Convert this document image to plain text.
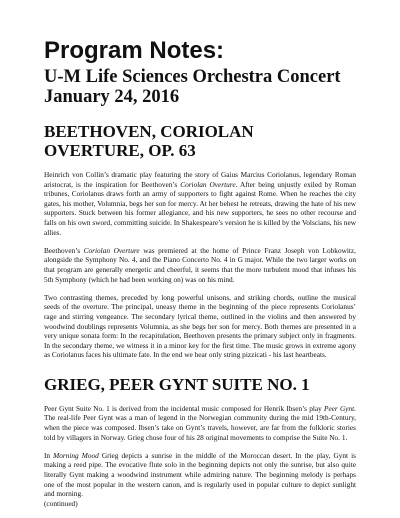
Program Notes:
U-M Life Sciences Orchestra Concert
January 24, 2016
BEETHOVEN, CORIOLAN OVERTURE, OP. 63

Heinrich von Collin’s dramatic play featuring the story of Gaius Marcius Coriolanus, legendary Roman aristocrat, is the inspiration for Beethoven’s Coriolan Overture. After being unjustly exiled by Roman tribunes, Coriolanus draws forth an army of supporters to fight against Rome. When he reaches the city gates, his mother, Volumnia, begs her son for mercy. At her behest he retreats, drawing the hate of his new supporters. Stuck between his former allegiance, and his new supporters, he sees no other recourse and falls on his own sword, committing suicide. In Shakespeare’s version he is killed by the Volscians, his new allies.

Beethoven’s Coriolan Overture was premiered at the home of Prince Franz Joseph von Lobkowitz, alongside the Symphony No. 4, and the Piano Concerto No. 4 in G major. While the two larger works on that program are generally energetic and cheerful, it seems that the more turbulent mood that infuses his 5th Symphony (which he had been working on) was on his mind.

Two contrasting themes, preceded by long powerful unisons, and striking chords, outline the musical seeds of the overture. The principal, uneasy theme in the beginning of the piece represents Coriolanus’ rage and stirring vengeance. The secondary lyrical theme, outlined in the violins and then answered by woodwind doublings represents Volumnia, as she begs her son for mercy. Both themes are presented in a very unique sonata form: In the recapitulation, Beethoven presents the primary subject only in fragments. In the secondary theme, we witness it in a minor key for the first time. The music grows in extreme agony as Coriolanus faces his ultimate fate. In the end we hear only string pizzicati - his last heartbeats.

GRIEG, PEER GYNT SUITE NO. 1

Peer Gynt Suite No. 1 is derived from the incidental music composed for Henrik Ibsen’s play Peer Gynt. The real-life Peer Gynt was a man of legend in the Norwegian community during the mid 19th-Century, when the piece was composed. Ibsen’s take on Gynt’s travels, however, are far from the folkloric stories told by villagers in Norway. Grieg chose four of his 28 original movements to comprise the Suite No. 1.

In Morning Mood Grieg depicts a sunrise in the middle of the Moroccan desert. In the play, Gynt is making a reed pipe. The evocative flute solo in the beginning depicts not only the sunrise, but also quite literally Gynt making a woodwind instrument while admiring nature. The beginning melody is perhaps one of the most popular in the western canon, and is regularly used in popular culture to depict sunlight and morning.

(continued)
